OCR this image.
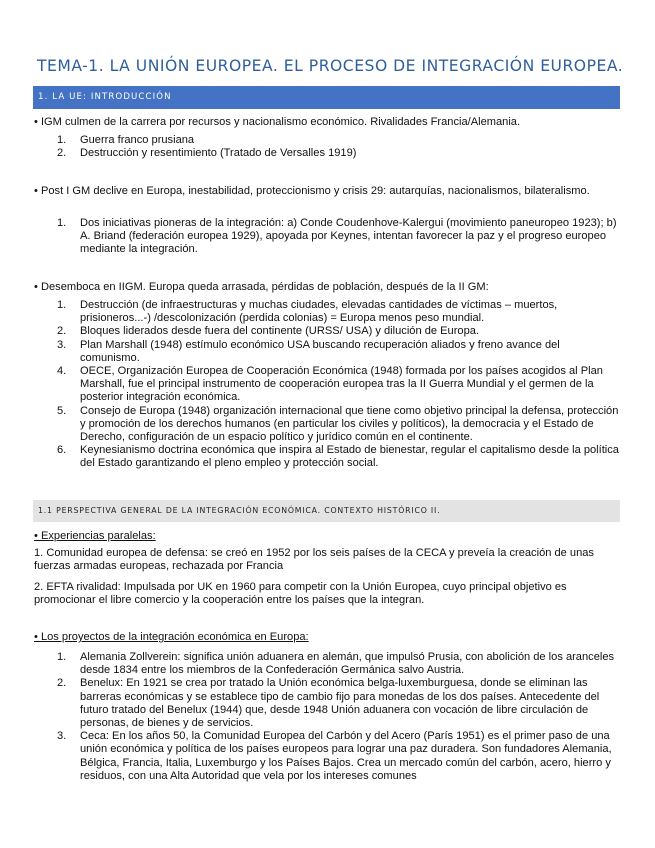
TEMA-1. LA UNIÓN EUROPEA. EL PROCESO DE INTEGRACIÓN EUROPEA.
1. LA UE: INTRODUCCIÓN
• IGM culmen de la carrera por recursos y nacionalismo económico. Rivalidades Francia/Alemania.
1. Guerra franco prusiana
2. Destrucción y resentimiento (Tratado de Versalles 1919)
• Post I GM declive en Europa, inestabilidad, proteccionismo y crisis 29: autarquías, nacionalismos, bilateralismo.
1. Dos iniciativas pioneras de la integración: a) Conde Coudenhove-Kalergui (movimiento paneuropeo 1923); b) A. Briand (federación europea 1929), apoyada por Keynes, intentan favorecer la paz y el progreso europeo mediante la integración.
• Desemboca en IIGM. Europa queda arrasada, pérdidas de población, después de la II GM:
1. Destrucción (de infraestructuras y muchas ciudades, elevadas cantidades de víctimas – muertos, prisioneros...-) /descolonización (perdida colonias) = Europa menos peso mundial.
2. Bloques liderados desde fuera del continente (URSS/ USA) y dilución de Europa.
3. Plan Marshall (1948) estímulo económico USA buscando recuperación aliados y freno avance del comunismo.
4. OECE, Organización Europea de Cooperación Económica (1948) formada por los países acogidos al Plan Marshall, fue el principal instrumento de cooperación europea tras la II Guerra Mundial y el germen de la posterior integración económica.
5. Consejo de Europa (1948) organización internacional que tiene como objetivo principal la defensa, protección y promoción de los derechos humanos (en particular los civiles y políticos), la democracia y el Estado de Derecho, configuración de un espacio político y jurídico común en el continente.
6. Keynesianismo doctrina económica que inspira al Estado de bienestar, regular el capitalismo desde la política del Estado garantizando el pleno empleo y protección social.
1.1 PERSPECTIVA GENERAL DE LA INTEGRACIÓN ECONÓMICA. CONTEXTO HISTÓRICO II.
• Experiencias paralelas:
1. Comunidad europea de defensa: se creó en 1952 por los seis países de la CECA y preveía la creación de unas fuerzas armadas europeas, rechazada por Francia
2. EFTA rivalidad: Impulsada por UK en 1960 para competir con la Unión Europea, cuyo principal objetivo es promocionar el libre comercio y la cooperación entre los países que la integran.
• Los proyectos de la integración económica en Europa:
1. Alemania Zollverein: significa unión aduanera en alemán, que impulsó Prusia, con abolición de los aranceles desde 1834 entre los miembros de la Confederación Germánica salvo Austria.
2. Benelux: En 1921 se crea por tratado la Unión económica belga-luxemburguesa, donde se eliminan las barreras económicas y se establece tipo de cambio fijo para monedas de los dos países. Antecedente del futuro tratado del Benelux (1944) que, desde 1948 Unión aduanera con vocación de libre circulación de personas, de bienes y de servicios.
3. Ceca: En los años 50, la Comunidad Europea del Carbón y del Acero (París 1951) es el primer paso de una unión económica y política de los países europeos para lograr una paz duradera. Son fundadores Alemania, Bélgica, Francia, Italia, Luxemburgo y los Países Bajos. Crea un mercado común del carbón, acero, hierro y residuos, con una Alta Autoridad que vela por los intereses comunes
